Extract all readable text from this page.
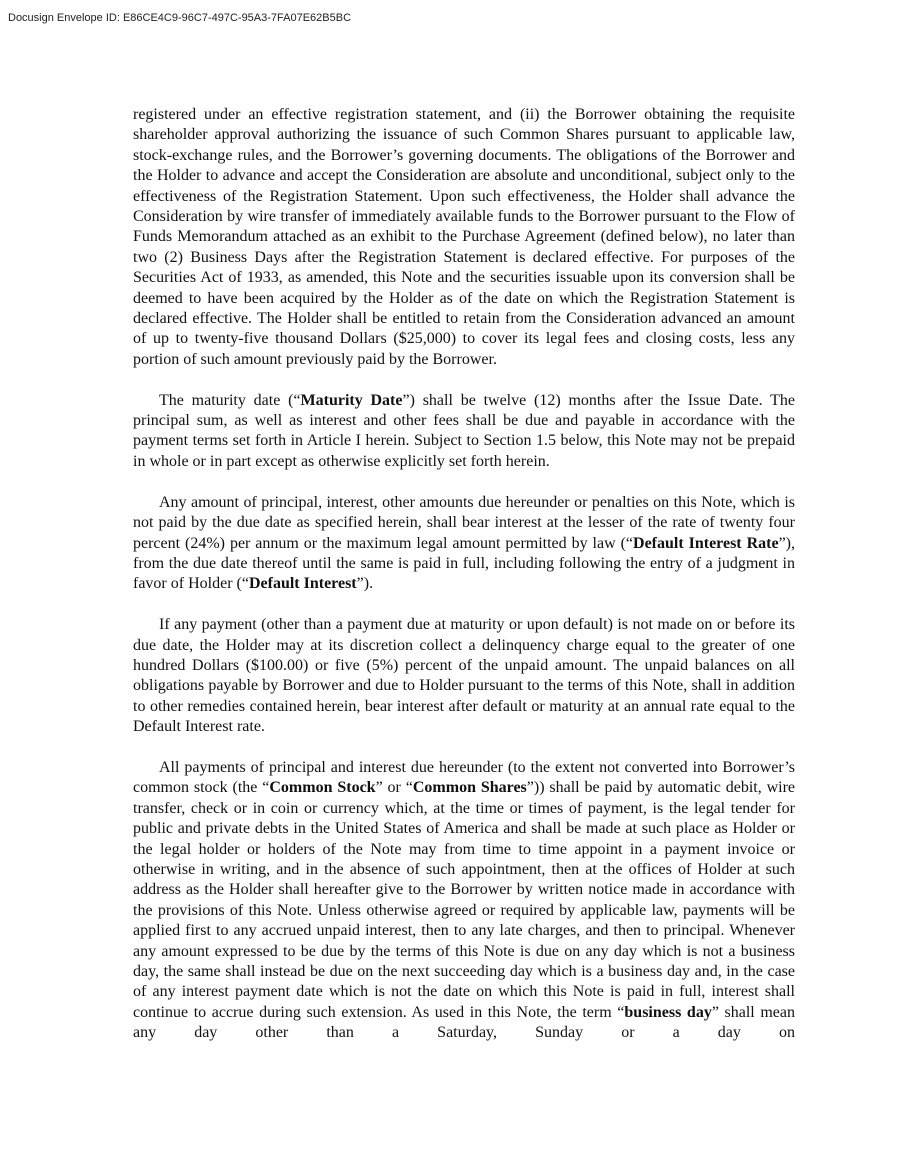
Docusign Envelope ID: E86CE4C9-96C7-497C-95A3-7FA07E62B5BC

registered under an effective registration statement, and (ii) the Borrower obtaining the requisite shareholder approval authorizing the issuance of such Common Shares pursuant to applicable law, stock-exchange rules, and the Borrower’s governing documents. The obligations of the Borrower and the Holder to advance and accept the Consideration are absolute and unconditional, subject only to the effectiveness of the Registration Statement. Upon such effectiveness, the Holder shall advance the Consideration by wire transfer of immediately available funds to the Borrower pursuant to the Flow of Funds Memorandum attached as an exhibit to the Purchase Agreement (defined below), no later than two (2) Business Days after the Registration Statement is declared effective. For purposes of the Securities Act of 1933, as amended, this Note and the securities issuable upon its conversion shall be deemed to have been acquired by the Holder as of the date on which the Registration Statement is declared effective. The Holder shall be entitled to retain from the Consideration advanced an amount of up to twenty-five thousand Dollars ($25,000) to cover its legal fees and closing costs, less any portion of such amount previously paid by the Borrower.

The maturity date (“Maturity Date”) shall be twelve (12) months after the Issue Date. The principal sum, as well as interest and other fees shall be due and payable in accordance with the payment terms set forth in Article I herein. Subject to Section 1.5 below, this Note may not be prepaid in whole or in part except as otherwise explicitly set forth herein.

Any amount of principal, interest, other amounts due hereunder or penalties on this Note, which is not paid by the due date as specified herein, shall bear interest at the lesser of the rate of twenty four percent (24%) per annum or the maximum legal amount permitted by law (“Default Interest Rate”), from the due date thereof until the same is paid in full, including following the entry of a judgment in favor of Holder (“Default Interest”).

If any payment (other than a payment due at maturity or upon default) is not made on or before its due date, the Holder may at its discretion collect a delinquency charge equal to the greater of one hundred Dollars ($100.00) or five (5%) percent of the unpaid amount. The unpaid balances on all obligations payable by Borrower and due to Holder pursuant to the terms of this Note, shall in addition to other remedies contained herein, bear interest after default or maturity at an annual rate equal to the Default Interest rate.

All payments of principal and interest due hereunder (to the extent not converted into Borrower’s common stock (the “Common Stock” or “Common Shares”)) shall be paid by automatic debit, wire transfer, check or in coin or currency which, at the time or times of payment, is the legal tender for public and private debts in the United States of America and shall be made at such place as Holder or the legal holder or holders of the Note may from time to time appoint in a payment invoice or otherwise in writing, and in the absence of such appointment, then at the offices of Holder at such address as the Holder shall hereafter give to the Borrower by written notice made in accordance with the provisions of this Note. Unless otherwise agreed or required by applicable law, payments will be applied first to any accrued unpaid interest, then to any late charges, and then to principal. Whenever any amount expressed to be due by the terms of this Note is due on any day which is not a business day, the same shall instead be due on the next succeeding day which is a business day and, in the case of any interest payment date which is not the date on which this Note is paid in full, interest shall continue to accrue during such extension. As used in this Note, the term “business day” shall mean any day other than a Saturday, Sunday or a day on
